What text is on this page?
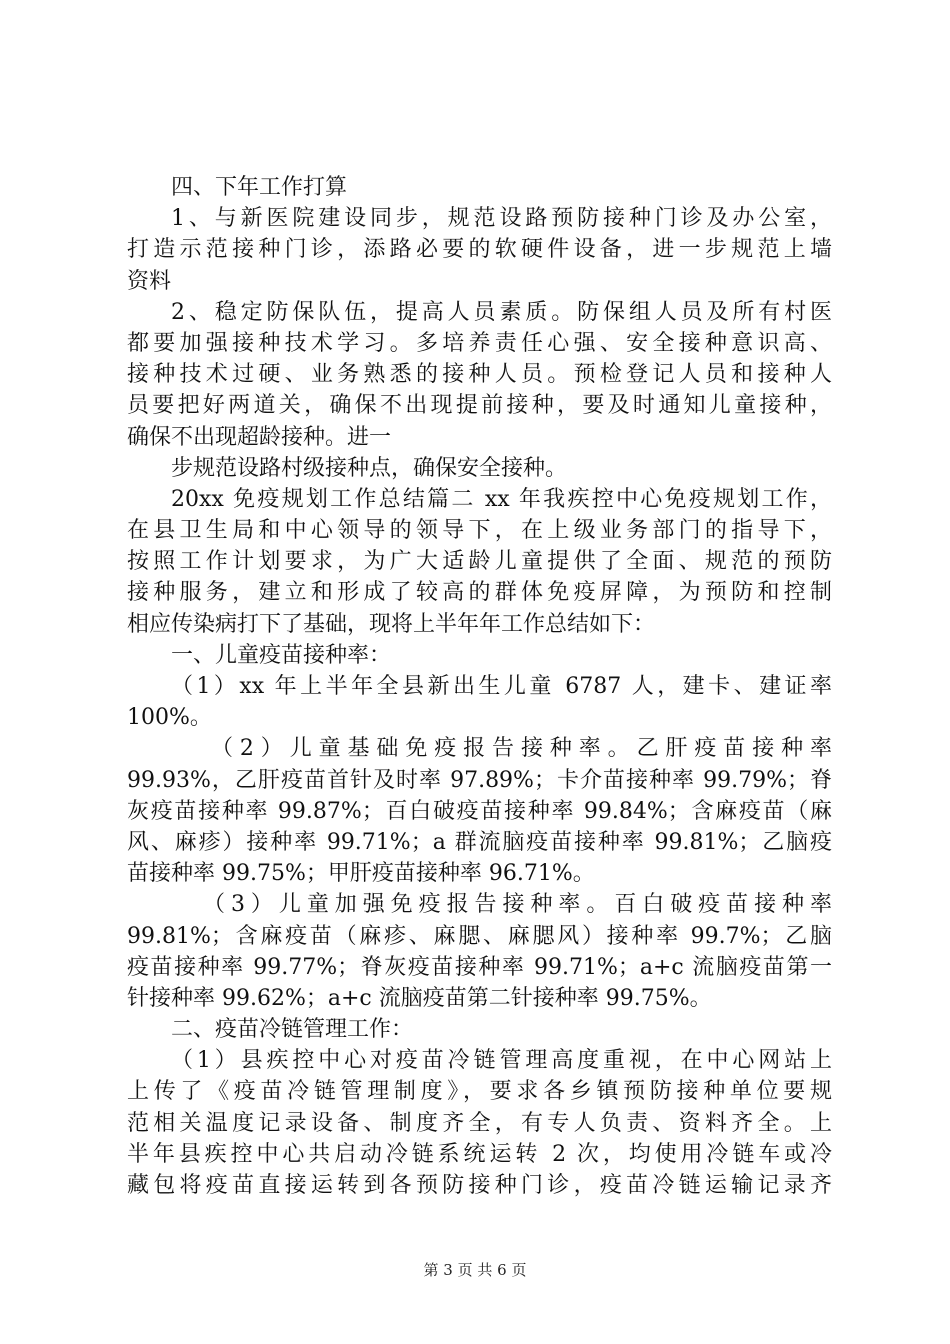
四、下年工作打算
1、与新医院建设同步，规范设路预防接种门诊及办公室，
打造示范接种门诊，添路必要的软硬件设备，进一步规范上墙
资料
2、稳定防保队伍，提高人员素质。防保组人员及所有村医
都要加强接种技术学习。多培养责任心强、安全接种意识高、
接种技术过硬、业务熟悉的接种人员。预检登记人员和接种人
员要把好两道关，确保不出现提前接种，要及时通知儿童接种，
确保不出现超龄接种。进一
步规范设路村级接种点，确保安全接种。
20xx 免疫规划工作总结篇二 xx 年我疾控中心免疫规划工作，
在县卫生局和中心领导的领导下，在上级业务部门的指导下，
按照工作计划要求，为广大适龄儿童提供了全面、规范的预防
接种服务，建立和形成了较高的群体免疫屏障，为预防和控制
相应传染病打下了基础，现将上半年年工作总结如下：
一、儿童疫苗接种率：
（1）xx 年上半年全县新出生儿童 6787 人，建卡、建证率
100%。
（2）儿童基础免疫报告接种率。乙肝疫苗接种率
99.93%，乙肝疫苗首针及时率 97.89%；卡介苗接种率 99.79%；脊
灰疫苗接种率 99.87%；百白破疫苗接种率 99.84%；含麻疫苗（麻
风、麻疹）接种率 99.71%；a 群流脑疫苗接种率 99.81%；乙脑疫
苗接种率 99.75%；甲肝疫苗接种率 96.71%。
（3）儿童加强免疫报告接种率。百白破疫苗接种率
99.81%；含麻疫苗（麻疹、麻腮、麻腮风）接种率 99.7%；乙脑
疫苗接种率 99.77%；脊灰疫苗接种率 99.71%；a+c 流脑疫苗第一
针接种率 99.62%；a+c 流脑疫苗第二针接种率 99.75%。
二、疫苗冷链管理工作：
（1）县疾控中心对疫苗冷链管理高度重视，在中心网站上
上传了《疫苗冷链管理制度》，要求各乡镇预防接种单位要规
范相关温度记录设备、制度齐全，有专人负责、资料齐全。上
半年县疾控中心共启动冷链系统运转 2 次，均使用冷链车或冷
藏包将疫苗直接运转到各预防接种门诊，疫苗冷链运输记录齐
第 3 页 共 6 页
